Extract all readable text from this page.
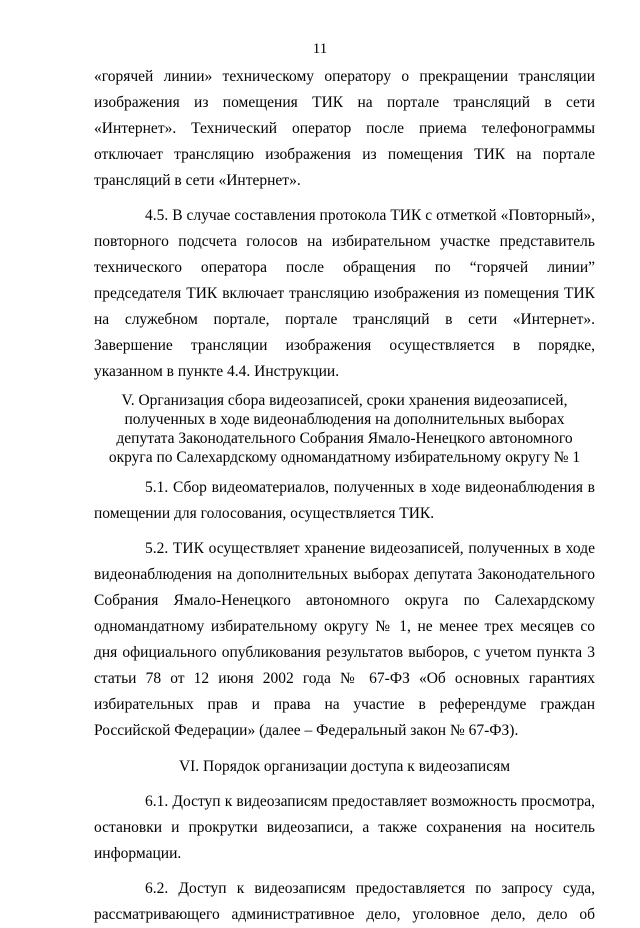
11

«горячей линии» техническому оператору о прекращении трансляции изображения из помещения ТИК на портале трансляций в сети «Интернет». Технический оператор после приема телефонограммы отключает трансляцию изображения из помещения ТИК на портале трансляций в сети «Интернет».

4.5. В случае составления протокола ТИК с отметкой «Повторный», повторного подсчета голосов на избирательном участке представитель технического оператора после обращения по “горячей линии” председателя ТИК включает трансляцию изображения из помещения ТИК на служебном портале, портале трансляций в сети «Интернет». Завершение трансляции изображения осуществляется в порядке, указанном в пункте 4.4. Инструкции.

V. Организация сбора видеозаписей, сроки хранения видеозаписей, полученных в ходе видеонаблюдения на дополнительных выборах депутата Законодательного Собрания Ямало-Ненецкого автономного округа по Салехардскому одномандатному избирательному округу № 1

5.1. Сбор видеоматериалов, полученных в ходе видеонаблюдения в помещении для голосования, осуществляется ТИК.

5.2. ТИК осуществляет хранение видеозаписей, полученных в ходе видеонаблюдения на дополнительных выборах депутата Законодательного Собрания Ямало-Ненецкого автономного округа по Салехардскому одномандатному избирательному округу № 1, не менее трех месяцев со дня официального опубликования результатов выборов, с учетом пункта 3 статьи 78 от 12 июня 2002 года № 67-ФЗ «Об основных гарантиях избирательных прав и права на участие в референдуме граждан Российской Федерации» (далее – Федеральный закон № 67-ФЗ).

VI. Порядок организации доступа к видеозаписям

6.1. Доступ к видеозаписям предоставляет возможность просмотра, остановки и прокрутки видеозаписи, а также сохранения на носитель информации.

6.2. Доступ к видеозаписям предоставляется по запросу суда, рассматривающего административное дело, уголовное дело, дело об
